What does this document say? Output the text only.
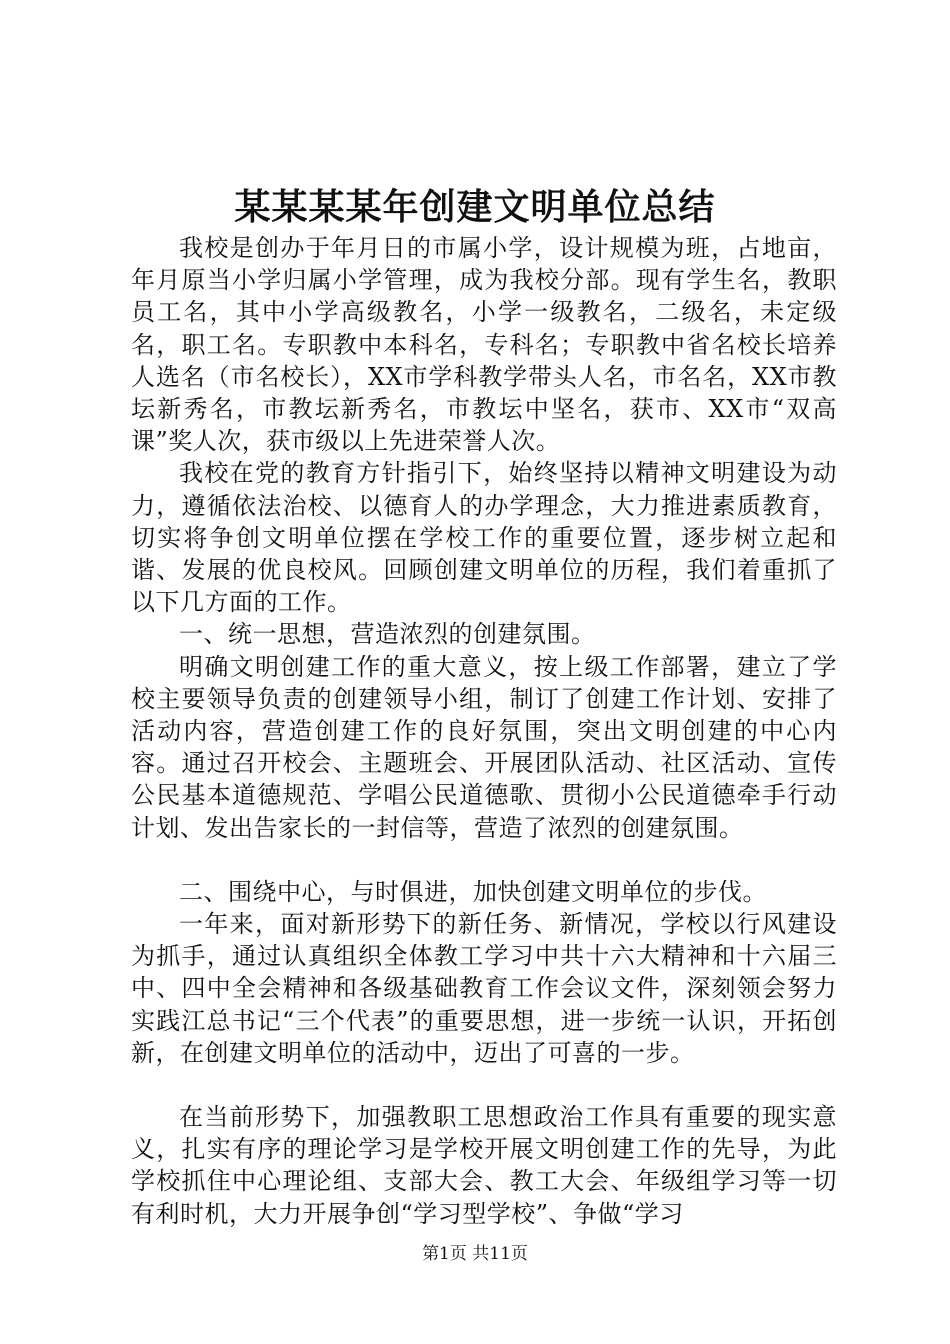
某某某某年创建文明单位总结

我校是创办于年月日的市属小学，设计规模为班，占地亩，年月原当小学归属小学管理，成为我校分部。现有学生名，教职员工名，其中小学高级教名，小学一级教名，二级名，未定级名，职工名。专职教中本科名，专科名；专职教中省名校长培养人选名（市名校长），XX市学科教学带头人名，市名名，XX市教坛新秀名，市教坛新秀名，市教坛中坚名，获市、XX市“双高课”奖人次，获市级以上先进荣誉人次。

我校在党的教育方针指引下，始终坚持以精神文明建设为动力，遵循依法治校、以德育人的办学理念，大力推进素质教育，切实将争创文明单位摆在学校工作的重要位置，逐步树立起和谐、发展的优良校风。回顾创建文明单位的历程，我们着重抓了以下几方面的工作。

一、统一思想，营造浓烈的创建氛围。

明确文明创建工作的重大意义，按上级工作部署，建立了学校主要领导负责的创建领导小组，制订了创建工作计划、安排了活动内容，营造创建工作的良好氛围，突出文明创建的中心内容。通过召开校会、主题班会、开展团队活动、社区活动、宣传公民基本道德规范、学唱公民道德歌、贯彻小公民道德牵手行动计划、发出告家长的一封信等，营造了浓烈的创建氛围。

二、围绕中心，与时俱进，加快创建文明单位的步伐。

一年来，面对新形势下的新任务、新情况，学校以行风建设为抓手，通过认真组织全体教工学习中共十六大精神和十六届三中、四中全会精神和各级基础教育工作会议文件，深刻领会努力实践江总书记“三个代表”的重要思想，进一步统一认识，开拓创新，在创建文明单位的活动中，迈出了可喜的一步。

在当前形势下，加强教职工思想政治工作具有重要的现实意义，扎实有序的理论学习是学校开展文明创建工作的先导，为此学校抓住中心理论组、支部大会、教工大会、年级组学习等一切有利时机，大力开展争创“学习型学校”、争做“学习

第1页 共11页
